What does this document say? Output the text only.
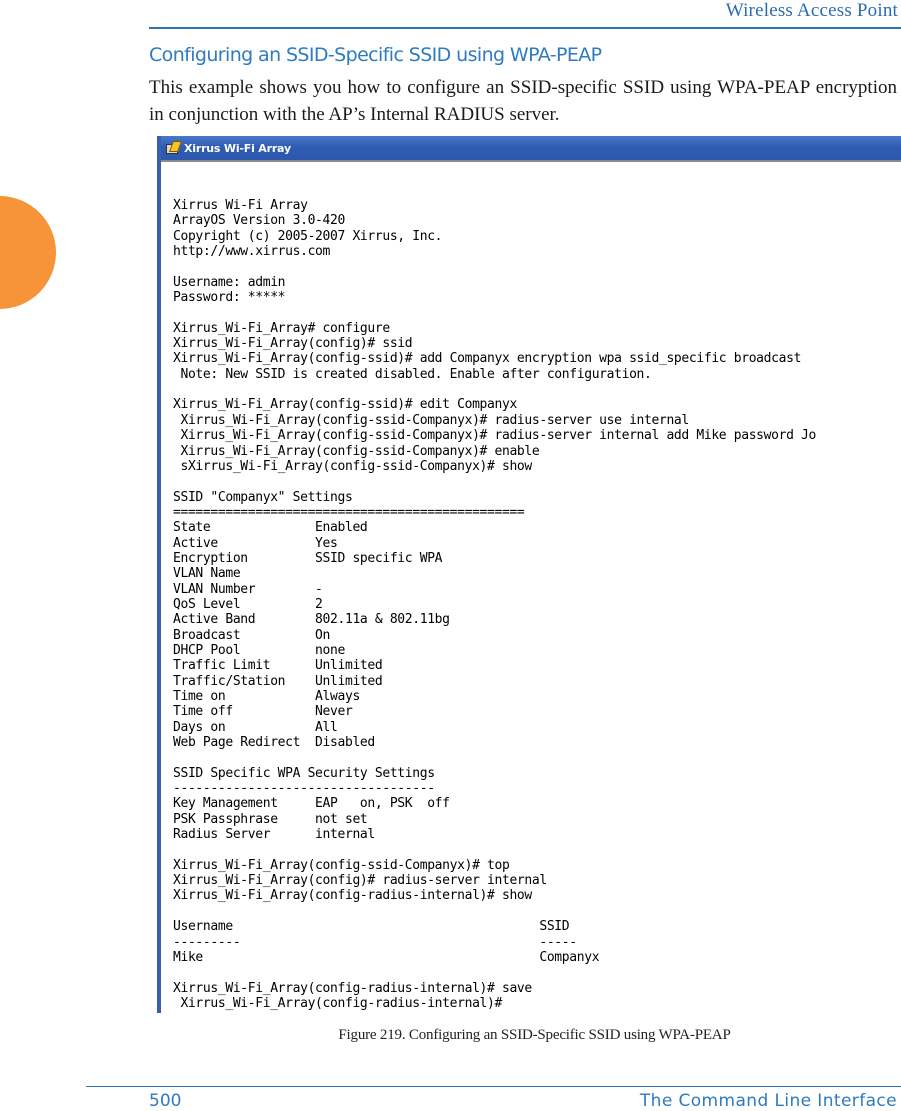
Wireless Access Point
Configuring an SSID-Specific SSID using WPA-PEAP

This example shows you how to configure an SSID-specific SSID using WPA-PEAP encryption in conjunction with the AP’s Internal RADIUS server.

Xirrus Wi-Fi Array
Xirrus Wi-Fi Array
ArrayOS Version 3.0-420
Copyright (c) 2005-2007 Xirrus, Inc.
http://www.xirrus.com
Username: admin
Password: *****
Xirrus_Wi-Fi_Array# configure
Xirrus_Wi-Fi_Array(config)# ssid
Xirrus_Wi-Fi_Array(config-ssid)# add Companyx encryption wpa ssid_specific broadcast
Note: New SSID is created disabled. Enable after configuration.
Xirrus_Wi-Fi_Array(config-ssid)# edit Companyx
Xirrus_Wi-Fi_Array(config-ssid-Companyx)# radius-server use internal
Xirrus_Wi-Fi_Array(config-ssid-Companyx)# radius-server internal add Mike password Jo
Xirrus_Wi-Fi_Array(config-ssid-Companyx)# enable
sXirrus_Wi-Fi_Array(config-ssid-Companyx)# show
SSID "Companyx" Settings
===============================================
State              Enabled
Active             Yes
Encryption         SSID specific WPA
VLAN Name
VLAN Number        -
QoS Level          2
Active Band        802.11a & 802.11bg
Broadcast          On
DHCP Pool          none
Traffic Limit      Unlimited
Traffic/Station    Unlimited
Time on            Always
Time off           Never
Days on            All
Web Page Redirect  Disabled
SSID Specific WPA Security Settings
-----------------------------------
Key Management     EAP   on, PSK  off
PSK Passphrase     not set
Radius Server      internal
Xirrus_Wi-Fi_Array(config-ssid-Companyx)# top
Xirrus_Wi-Fi_Array(config)# radius-server internal
Xirrus_Wi-Fi_Array(config-radius-internal)# show
Username                                         SSID
---------                                        -----
Mike                                             Companyx
Xirrus_Wi-Fi_Array(config-radius-internal)# save
Xirrus_Wi-Fi_Array(config-radius-internal)#
Figure 219. Configuring an SSID-Specific SSID using WPA-PEAP
500	The Command Line Interface
